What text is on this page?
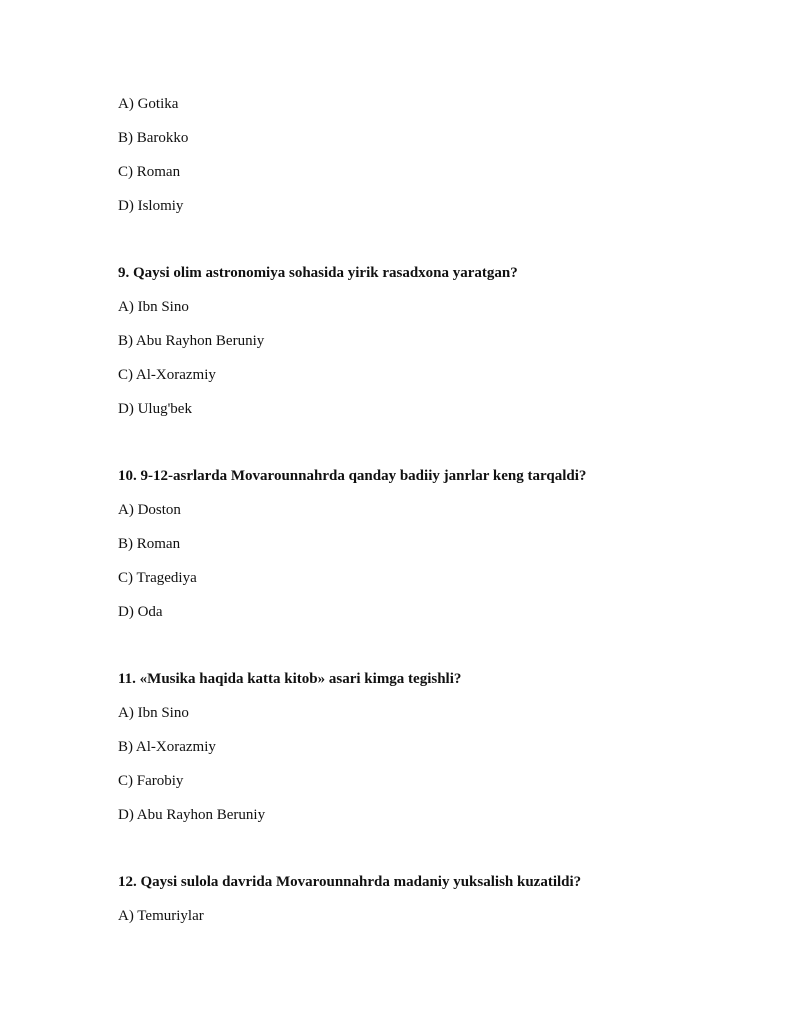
A) Gotika
B) Barokko
C) Roman
D) Islomiy
9. Qaysi olim astronomiya sohasida yirik rasadxona yaratgan?
A) Ibn Sino
B) Abu Rayhon Beruniy
C) Al-Xorazmiy
D) Ulug'bek
10. 9-12-asrlarda Movarounnahrda qanday badiiy janrlar keng tarqaldi?
A) Doston
B) Roman
C) Tragediya
D) Oda
11. «Musika haqida katta kitob» asari kimga tegishli?
A) Ibn Sino
B) Al-Xorazmiy
C) Farobiy
D) Abu Rayhon Beruniy
12. Qaysi sulola davrida Movarounnahrda madaniy yuksalish kuzatildi?
A) Temuriylar
